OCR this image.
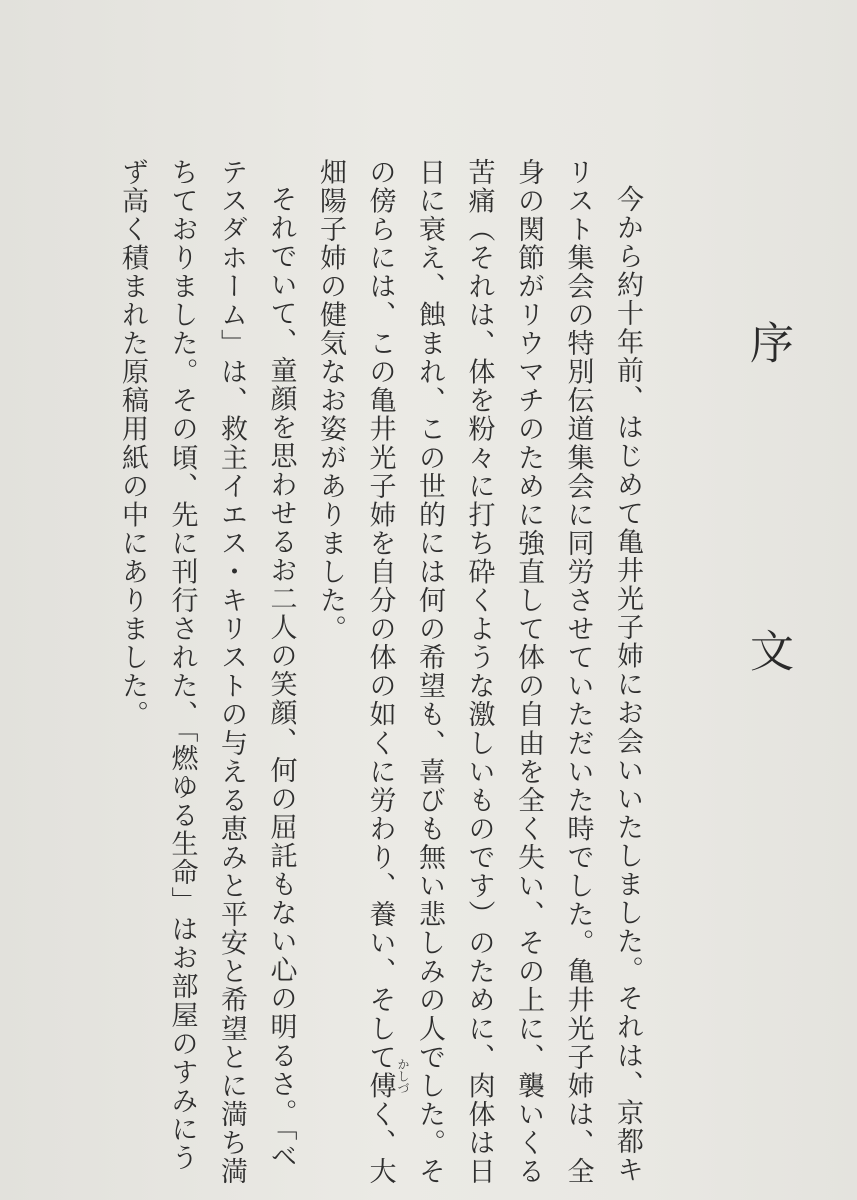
序　文

今から約十年前、はじめて亀井光子姉にお会いいたしました。それは、京都キ
リスト集会の特別伝道集会に同労させていただいた時でした。亀井光子姉は、全
身の関節がリウマチのために強直して体の自由を全く失い、その上に、襲いくる
苦痛（それは、体を粉々に打ち砕くような激しいものです）のために、肉体は日
日に衰え、蝕まれ、この世的には何の希望も、喜びも無い悲しみの人でした。そ
の傍らには、この亀井光子姉を自分の体の如くに労わり、養い、そして傅く、大
畑陽子姉の健気なお姿がありました。

それでいて、童顔を思わせるお二人の笑顔、何の屈託もない心の明るさ。「ベ
テスダホーム」は、救主イエス・キリストの与える恵みと平安と希望とに満ち満
ちておりました。その頃、先に刊行された、「燃ゆる生命」はお部屋のすみにう
ず高く積まれた原稿用紙の中にありました。

かしづ
